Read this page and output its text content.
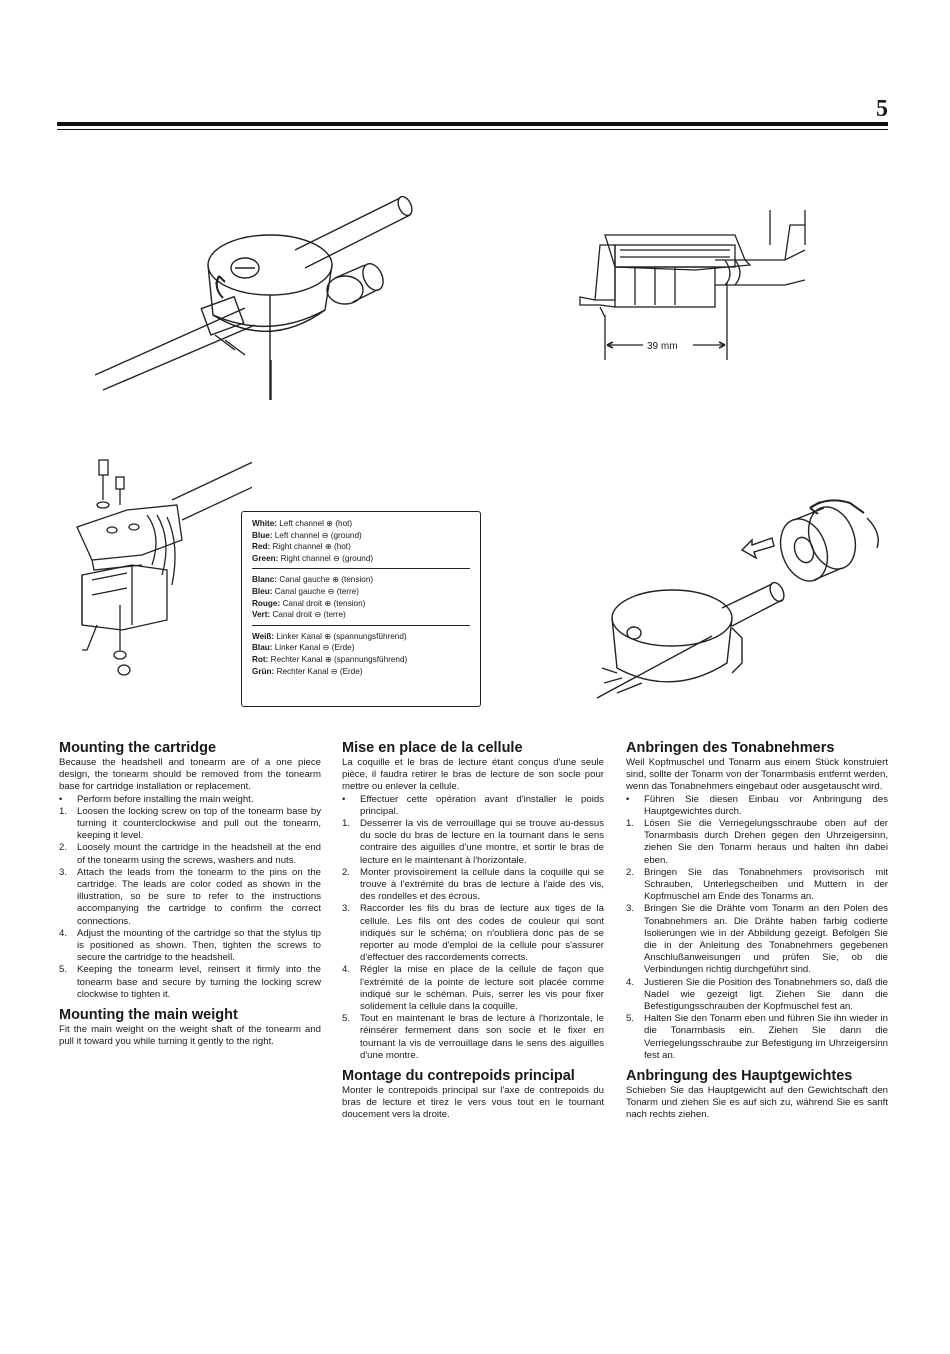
5
39 mm
White: Left channel ⊕ (hot)
Blue: Left channel ⊖ (ground)
Red: Right channel ⊕ (hot)
Green: Right channel ⊖ (ground)
Blanc: Canal gauche ⊕ (tension)
Bleu: Canal gauche ⊖ (terre)
Rouge: Canal droit ⊕ (tension)
Vert: Canal droit ⊖ (terre)
Weiß: Linker Kanal ⊕ (spannungsführend)
Blau: Linker Kanal ⊖ (Erde)
Rot: Rechter Kanal ⊕ (spannungsführend)
Grün: Rechter Kanal ⊖ (Erde)
Mounting the cartridge

Because the headshell and tonearm are of a one piece design, the tonearm should be removed from the tonearm base for cartridge installation or replacement.

• Perform before installing the main weight.
1. Loosen the locking screw on top of the tonearm base by turning it counterclockwise and pull out the tonearm, keeping it level.
2. Loosely mount the cartridge in the headshell at the end of the tonearm using the screws, washers and nuts.
3. Attach the leads from the tonearm to the pins on the cartridge. The leads are color coded as shown in the illustration, so be sure to refer to the instructions accompanying the cartridge to confirm the correct connections.
4. Adjust the mounting of the cartridge so that the stylus tip is positioned as shown. Then, tighten the screws to secure the cartridge to the headshell.
5. Keeping the tonearm level, reinsert it firmly into the tonearm base and secure by turning the locking screw clockwise to tighten it.
Mounting the main weight

Fit the main weight on the weight shaft of the tonearm and pull it toward you while turning it gently to the right.

Mise en place de la cellule

La coquille et le bras de lecture étant conçus d'une seule pièce, il faudra retirer le bras de lecture de son socle pour mettre ou enlever la cellule.

• Effectuer cette opération avant d'installer le poids principal.
1. Desserrer la vis de verrouillage qui se trouve au-dessus du socle du bras de lecture en la tournant dans le sens contraire des aiguilles d'une montre, et sortir le bras de lecture en le maintenant à l'horizontale.
2. Monter provisoirement la cellule dans la coquille qui se trouve à l'extrémité du bras de lecture à l'aide des vis, des rondelles et des écrous.
3. Raccorder les fils du bras de lecture aux tiges de la cellule. Les fils ont des codes de couleur qui sont indiqués sur le schéma; on n'oubliera donc pas de se reporter au mode d'emploi de la cellule pour s'assurer d'effectuer des raccordements corrects.
4. Régler la mise en place de la cellule de façon que l'extrémité de la pointe de lecture soit placée comme indiqué sur le schéman. Puis, serrer les vis pour fixer solidement la cellule dans la coquille.
5. Tout en maintenant le bras de lecture à l'horizontale, le réinsérer fermement dans son socle et le fixer en tournant la vis de verrouillage dans le sens des aiguilles d'une montre.
Montage du contrepoids principal

Monter le contrepoids principal sur l'axe de contrepoids du bras de lecture et tirez le vers vous tout en le tournant doucement vers la droite.

Anbringen des Tonabnehmers

Weil Kopfmuschel und Tonarm aus einem Stück konstruiert sind, sollte der Tonarm von der Tonarmbasis entfernt werden, wenn das Tonabnehmers eingebaut oder ausgetauscht wird.

• Führen Sie diesen Einbau vor Anbringung des Hauptgewichtes durch.
1. Lösen Sie die Verriegelungsschraube oben auf der Tonarmbasis durch Drehen gegen den Uhrzeigersinn, ziehen Sie den Tonarm heraus und halten ihn dabei eben.
2. Bringen Sie das Tonabnehmers provisorisch mit Schrauben, Unterlegscheiben und Muttern in der Kopfmuschel am Ende des Tonarms an.
3. Bringen Sie die Drähte vom Tonarm an den Polen des Tonabnehmers an. Die Drähte haben farbig codierte Isolierungen wie in der Abbildung gezeigt. Befolgen Sie die in der Anleitung des Tonabnehmers gegebenen Anschlußanweisungen und prüfen Sie, ob die Verbindungen richtig durchgeführt sind.
4. Justieren Sie die Position des Tonabnehmers so, daß die Nadel wie gezeigt ligt. Ziehen Sie dann die Befestigungsschrauben der Kopfmuschel fest an.
5. Halten Sie den Tonarm eben und führen Sie ihn wieder in die Tonarmbasis ein. Ziehen Sie dann die Verriegelungsschraube zur Befestigung im Uhrzeigersinn fest an.
Anbringung des Hauptgewichtes

Schieben Sie das Hauptgewicht auf den Gewichtschaft den Tonarm und ziehen Sie es auf sich zu, während Sie es sanft nach rechts ziehen.
